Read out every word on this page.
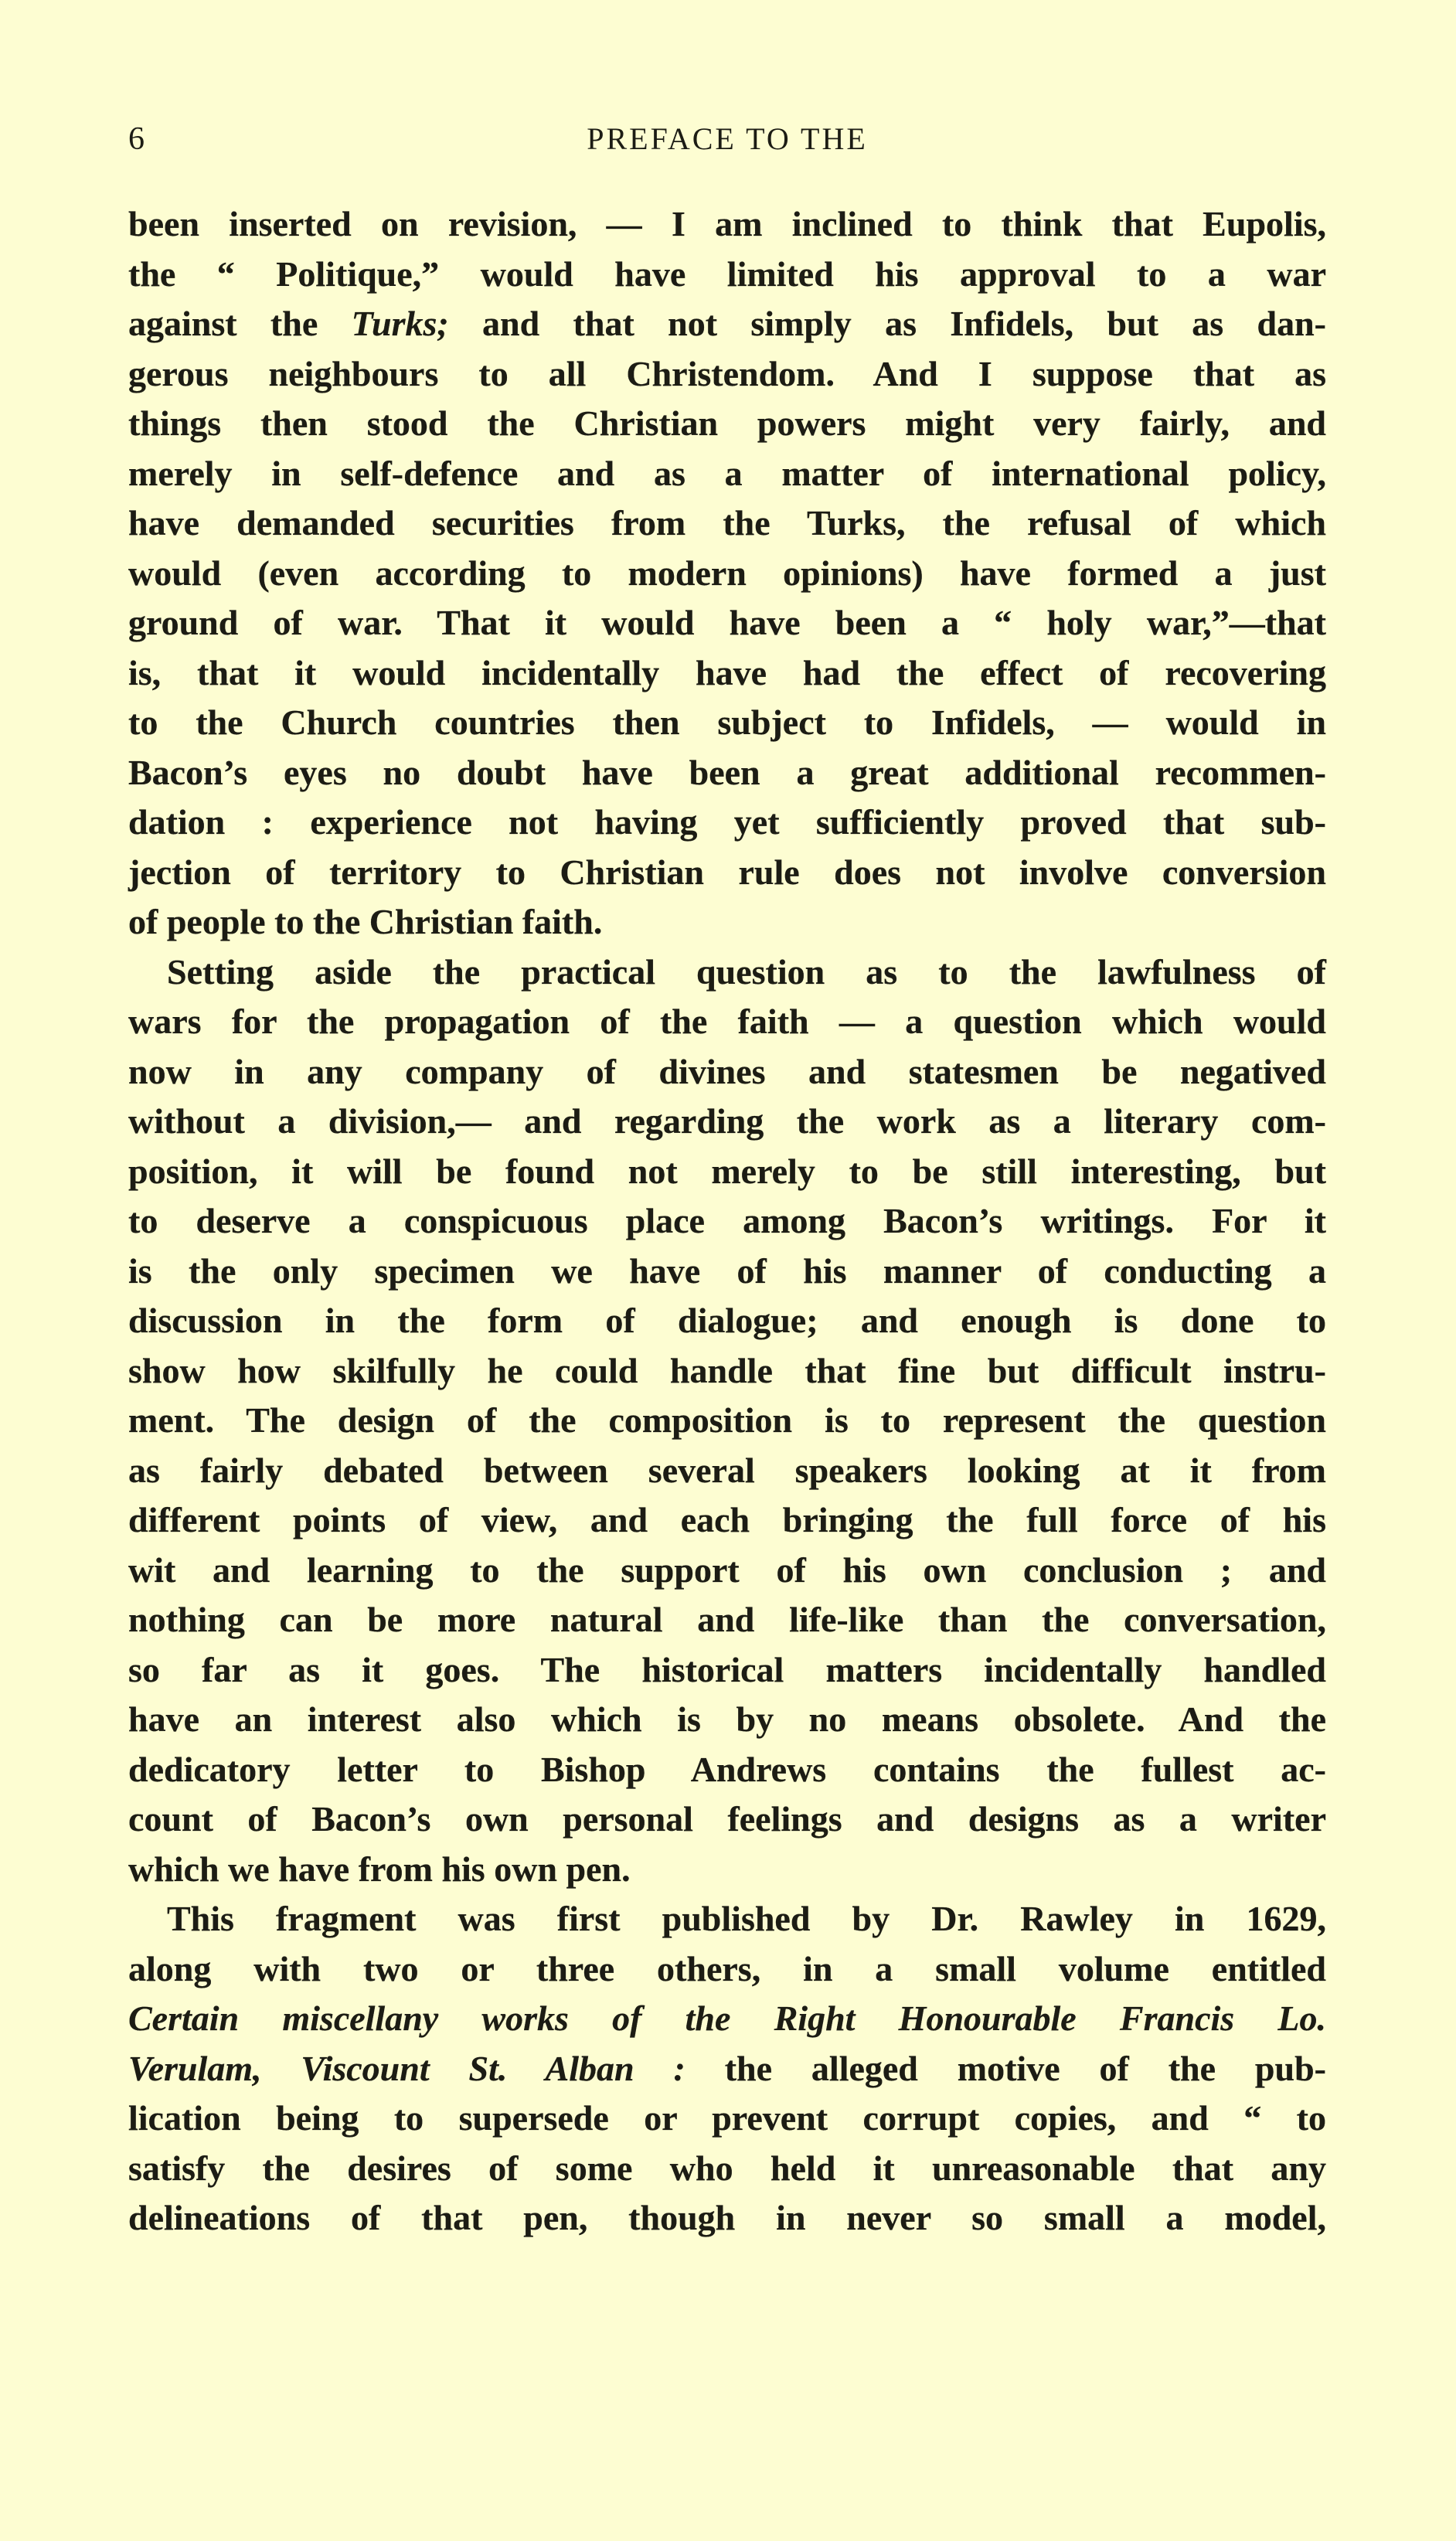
6	PREFACE TO THE
been inserted on revision, — I am inclined to think that Eupolis,
the “ Politique,” would have limited his approval to a war
against the Turks; and that not simply as Infidels, but as dan-
gerous neighbours to all Christendom. And I suppose that as
things then stood the Christian powers might very fairly, and
merely in self-defence and as a matter of international policy,
have demanded securities from the Turks, the refusal of which
would (even according to modern opinions) have formed a just
ground of war. That it would have been a “ holy war,”—that
is, that it would incidentally have had the effect of recovering
to the Church countries then subject to Infidels, — would in
Bacon’s eyes no doubt have been a great additional recommen-
dation : experience not having yet sufficiently proved that sub-
jection of territory to Christian rule does not involve conversion
of people to the Christian faith.
Setting aside the practical question as to the lawfulness of
wars for the propagation of the faith — a question which would
now in any company of divines and statesmen be negatived
without a division,— and regarding the work as a literary com-
position, it will be found not merely to be still interesting, but
to deserve a conspicuous place among Bacon’s writings. For it
is the only specimen we have of his manner of conducting a
discussion in the form of dialogue; and enough is done to
show how skilfully he could handle that fine but difficult instru-
ment. The design of the composition is to represent the question
as fairly debated between several speakers looking at it from
different points of view, and each bringing the full force of his
wit and learning to the support of his own conclusion ; and
nothing can be more natural and life-like than the conversation,
so far as it goes. The historical matters incidentally handled
have an interest also which is by no means obsolete. And the
dedicatory letter to Bishop Andrews contains the fullest ac-
count of Bacon’s own personal feelings and designs as a writer
which we have from his own pen.
This fragment was first published by Dr. Rawley in 1629,
along with two or three others, in a small volume entitled
Certain miscellany works of the Right Honourable Francis Lo.
Verulam, Viscount St. Alban : the alleged motive of the pub-
lication being to supersede or prevent corrupt copies, and “ to
satisfy the desires of some who held it unreasonable that any
delineations of that pen, though in never so small a model,
